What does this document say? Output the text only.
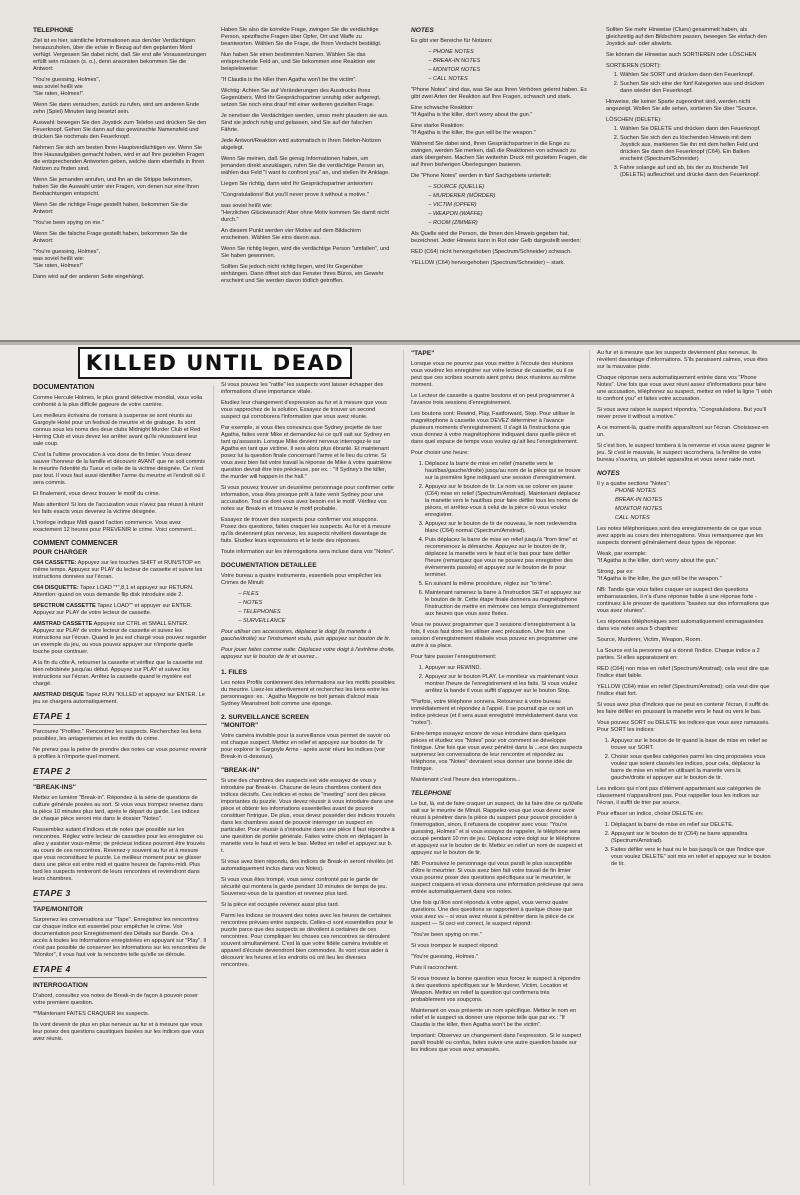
TELEPHONE

Ziel ist es hier, sämtliche Informationen aus den/der Verdächtigen herauszuholen, über die er/sie in Bezug auf den geplanten Mord verfügt. Vergessen Sie dabei nicht, daß Sie erst alle Voraussetzungen erfüllt sein müssen (s. o.), denn ansonsten bekommen Sie die Antwort:

"You're guessing, Holmes",

was soviel heißt wie

"Sie raten, Holmes!".

Wenn Sie dann versuchen, zurück zu rufen, wird am anderen Ende zehn (Spiel) Minuten lang besetzt sein.

Auswahl: bewegen Sie den Joystick zum Telefon und drücken Sie den Feuerknopf. Gehen Sie dann auf das gewünschte Namensfeld und drücken Sie nochmals den Feuerknopf.

Nehmen Sie sich am besten Ihren Hauptverdächtigen vor. Wenn Sie Ihre Hausaufgaben gemacht haben, wird er auf Ihre gezielten Fragen die entsprechenden Antworten geben, welche dann ebenfalls in Ihren Notizen zu finden sind.

Wenn Sie jemanden anrufen, und ihn an die Strippe bekommen, haben Sie die Auswahl unter vier Fragen, von denen nur eine Ihren Beobachtungen entspricht.

Wenn Sie die richtige Frage gestellt haben, bekommen Sie die Antwort:

"You've been spying on me."

Wenn Sie die falsche Frage gestellt haben, bekommen Sie die Antwort:

"You're guessing, Holmes",

was soviel heißt wie:

"Sie raten, Holmes!"

Dann wird auf der anderen Seite eingehängt.

Haben Sie also die korrekte Frage, zwingen Sie die verdächtige Person, spezifische Fragen über Opfer, Ort und Waffe zu beantworten. Wählen Sie die Frage, die Ihren Verdacht bestätigt.

Nun haben Sie einen bestimmten Namen. Wählen Sie das entsprechende Feld an, und Sie bekommen eine Reaktion wie beispielsweise:

"If Claudia is the killer then Agatha won't be the victim".

Wichtig: Achten Sie auf Veränderungen des Ausdrucks Ihres Gegenübers. Wird Ihr Gesprächspartner unruhig oder aufgeregt, setzen Sie noch eins drauf mit einer weiteren gezielten Frage.

Je nervöser die Verdächtigen werden, umso mehr plaudern sie aus. Sind sie jedoch ruhig und gelassen, sind Sie auf der falschen Fährte.

Jede Antwort/Reaktion wird automatisch in Ihren Telefon-Notizen abgelegt.

Wenn Sie meinen, daß Sie genug Informationen haben, um jemanden direkt anzuklagen, rufen Sie die verdächtige Person an, wählen das Feld "I want to confront you" an, und stellen Ihr Anklage.

Liegen Sie richtig, dann wird Ihr Gesprächspartner antworten:

"Congratulations! But you'll never prove it without a motive."

was soviel heißt wie:

"Herzlichen Glückwunsch! Aber ohne Motiv kommen Sie damit nicht durch."

An diesem Punkt werden vier Motive auf dem Bildschirm erscheinen. Wählen Sie eins davon aus.

Wenn Sie richtig liegen, wird die verdächtige Person "umfallen", und Sie haben gewonnen.

Sollten Sie jedoch nicht richtig liegen, wird Ihr Gegenüber einhängen. Dann öffnet sich das Fenster Ihres Büros, ein Gewehr erscheint und Sie werden davon tödlich getroffen.

NOTES

Es gibt vier Bereiche für Notizen:

– PHONE NOTES
– BREAK-IN NOTES
– MONITOR NOTES
– CALL NOTES

"Phone Notes" sind das, was Sie aus Ihren Verhören gelernt haben. Es gibt zwei Arten der Reaktion auf Ihre Fragen, schwach und stark.

Eine schwache Reaktion:

"If Agatha is the killer, don't worry about the gun."

Eine starke Reaktion:

"If Agatha is the killer, the gun will be the weapon."

Während Sie dabei sind, Ihren Gesprächspartner in die Enge zu zwingen, werden Sie merken, daß die Reaktionen von schwach zu stark übergehen. Machen Sie weiterhin Druck mit gezielten Fragen, die auf Ihren bisherigen Überlegungen basieren.

Die "Phone Notes" werden in fünf Sachgebiete unterteilt:

– SOURCE (QUELLE)
– MURDERER (MÖRDER)
– VICTIM (OPFER)
– WEAPON (WAFFE)
– ROOM (ZIMMER)

Als Quelle wird die Person, die Ihnen den Hinweis gegeben hat, bezeichnet. Jeder Hinweis kann in Rot oder Gelb dargestellt werden:

RED (C64) nicht hervorgehoben (Spectrum/Schneider) schwach.

YELLOW (C64) hervorgehoben (Spectrum/Schneider) – stark.

Sollten Sie mehr Hinweise (Clues) gesammelt haben, als gleichzeitig auf den Bildschirm passen, bewegen Sie einfach den Joystick auf- oder abwärts.

Sie können die Hinweise auch SORTIEREN oder LÖSCHEN

SORTIEREN (SORT):

1. Wählen Sie SORT und drücken dann den Feuerknopf.
2. Suchen Sie sich eine der fünf Kategorien aus und drücken dann wieder den Feuerknopf.

Hinweise, die keiner Sparte zugeordnet sind, werden nicht angezeigt. Wollen Sie alle sehen, sortieren Sie über "Source.

LÖSCHEN (DELETE):

1. Wählen Sie DELETE und drücken dann den Feuerknopf.
2. Suchen Sie sich den zu löschenden Hinweis mit dem Joystick aus, markieren Sie ihn mit dem hellen Feld und drücken Sie dann den Feuerknopf (C64). Ein Balken erscheint (Spectrum/Schneider)
3. Fahre solange auf und ab, bis der zu löschende Teil (DELETE) aufleuchtet und drücke dann den Feuerknopf.
KILLED UNTIL DEAD
DOCUMENTATION

Comme Hercule Holmes, le plus grand détective mondial, vous voila confronté à la plus difficile gageure de votre carrière.

Les meilleurs écrivains de romans à suspense se sont réunis au Gargoyle Hotel pour un festival de meurtre et de grabuge. Ils sont connus sous les noms des deux clubs Midnight Murder Club et Red Herring Club et vous devez les arrêter avant qu'ils réussissent leur sale coup.

C'est la l'ultime provocation à vos dons de fin limier. Vous devez sauver l'honneur de la famille et découvrir AVANT que ne soit commis le meurtre l'identité du Tueur et celle de la victime désignée. Ce n'est pas tout. Il vous faut aussi identifier l'arme du meurtre et l'endroit où il sera commis.

Et finalement, vous devez trouver le motif du crime.

Mais attention! Si lors de l'accusation vous n'avez pas réussi à réunir les faits exacts vous devenez la victime désignée.

L'horloge indique Midi quand l'action commence. Vous avez exactement 12 heures pour PREVENIR le crime. Voici comment...

COMMENT COMMENCER
POUR CHARGER

C64 CASSETTE: Appuyez sur les touches SHIFT et RUN/STOP en même temps. Appuyez sur PLAY du lecteur de cassette et suivre les instructions données sur l'écran.

C64 DISQUETTE: Tapez LOAD "*",8,1 et appuyez sur RETURN. Attention: quand on vous demande flip disk introduire side 2.

SPECTRUM CASSETTE Tapez LOAD"" et appuyer sur ENTER. Appuyez sur PLAY de votre lecteur de cassette.

AMSTRAD CASSETTE Appuyez sur CTRL et SMALL ENTER. Appuyez sur PLAY de votre lecteur de cassette et suivez les instructions sur l'écran. Quand le jeu est chargé vous pouvez regarder un exemple du jeu, ou vous pouvez appuyer sur n'importe quelle touche pour continuer.

A la fin du côte A, retourner la cassette et vérifiez que la cassette est bien rebobinée jusqu'au début. Appuyez sur PLAY et suivez les instructions sur l'écran. Arrêtez la cassette quand le mystère est chargé.

AMSTRAD DISQUE Tapez RUN "KILLED et appuyez sur ENTER. Le jeu se chargera automatiquement.

ETAPE 1

Parcourez "Profiles." Rencontrez les suspects. Recherchez les liens possibles, les antagonismes et les motifs du crime.

Ne prenez pas la peine de prendre des notes car vous pourrez revenir à profiles à n'importe quel moment.

ETAPE 2
"BREAK-INS"

Mettez en lumière "Break-in". Répondez à la série de questions de culture générale posées au sort. Si vous vous trompez revenez dans la pièce 10 minutes plus tard, après le départ du garde. Les indices de chaque pièce seront mis dans le dossier "Notes".

Rassemblez autant d'indices et de notes que possible sur les rencontres. Réglez votre lecteur de cassettes pour les enregistrer ou allez y assister vous-même; de précieux indices pourront être trouvés au cours de ces rencontres. Revenez-y souvent au fur et à mesure que vous reconstituez le puzzle. Le meilleur moment pour se glisser dans une pièce est entre midi et quatre heures de l'après-midi. Plus tard les suspects rentreront de leurs rencontres et reviendront dans leurs chambres.

ETAPE 3
TAPE/MONITOR

Surprenez les conversations sur "Tape". Enregistrez les rencontres car chaque indice est essentiel pour empêcher le crime. Voir documentation pour Enregistrement des Détails sur Bande. On a accès à toutes les informations enregistrées en appuyant sur "Play". Il n'est pas possible de conserver les informations sur les rencontres de "Monitor", il vous faut voir la rencontre telle qu'elle se déroule.

ETAPE 4
INTERROGATION

D'abord, consultez vos notes de Break-in de façon à pouvoir poser votre premiere question.

**Maintenant FAITES CRAQUER les suspects.

Ils vont devenir de plus en plus nerveux au fur et à mesure que vous leur posez des questions caustiques basées sur les indices que vous avez réunis.

Si vous pouvez les "rattle" les suspects vont laisser échapper des informations d'une importance vitale.

Etudiez leur changement d'expression au fur et à mesure que vous vous rapprochez de la solution. Essayez de trouver un second suspect qui corroborera l'information que vous avez réunie.

Par exemple, si vous êtes convaincu que Sydney projette de tuer Agatha, faites venir Mike et demandez-lui ce qu'il sait sur Sydney en tant qu'assassin. Lorsque Mike devient nerveux interrogez-le sur Agatha en tant que victime. Il sera alors plus ébranlé. Et maintenant posez lui la question finale concernant l'arme et le lieu du crime. Si vous avez bien fait votre travail la réponse de Mike à votre quatrième question devrait être très précieuse, par ex. : "If Sydney's the killer, the murder will happen in the hall."

Si vous pouvez trouver un deuxième personnage pour confirmer cette information, vous êtes presque prêt à faire venir Sydney pour une accusation. Tout ce dont vous avez besoin est le motif. Vérifiez vos notes sur Break-in et trouvez le motif probable.

Essayez de trouver des suspects pour confirmer vos soupçons. Posez des questions, faites craquer les suspects. Au fur et à mesure qu'ils deviennent plus nerveux, les suspects révèlent davantage de faits. Etudiez leurs expressions et le texte des réponses.

Toute information sur les interrogations sera incluse dans vos "Notes".

DOCUMENTATION DETAILLEE

Votre bureau a quatre instruments, essentiels pour empêcher les Crimes de Minuit:

– FILES
– NOTES
– TELEPHONES
– SURVEILLANCE

Pour utiliser ces accessoires, déplacez le doigt (la manette à gauche/droite) sur l'instrument voulu, puis appuyez sur bouton de tir.

Pour jouer faites comme suite: Déplacez votre doigt à l'extrême droite, appuyez sur le bouton de tir et ouvrez...

1. FILES

Les notes Profils contiennent des informations sur les motifs possibles du meurtre. Lisez-les attentivement et recherchez les liens entre les personnages: ex. : Agatha Maypole ne boit jamais d'alcool mais Sydney Meanstreet boit comme une éponge.

2. SURVEILLANCE SCREEN
"MONITOR"

Votre caméra invisible pour la surveillance vous permet de savoir où est chaque suspect. Mettez en relief et appuyez sur bouton de Tir pour explorer le Gargoyle Arms - après avoir réuni les indices (voir Break-in ci-dessous).

"BREAK-IN"

Si une des chambres des suspects est vide essayez de vous y introduire par Break-in. Chacune de leurs chambres contient des indices décisifs. Ces indices et notes de "meeting" sont des pièces importantes du puzzle. Vous devez réussir à vous introduire dans une pièce et obtenir les informations essentielles avant de pouvoir constituer l'intrigue. De plus, vous devez posséder des indices trouvés dans les chambres avant de pouvoir interroger un suspect en particulier. Pour réussir à s'introduire dans une pièce il faut répondre à une question de portée générale. Faites votre choix en déplaçant la manette vers le haut et vers le bas. Mettez en relief et appuyez sur b. t.

Si vous avez bien répondu, des indices de Break-in seront révélés (et automatiquement inclus dans vos Notes).

Si vous vous êtes trompé, vous serez confronté par le garde de sécurité qui montera la garde pendant 10 minutes de temps de jeu. Souvenez-vous de la question et revenez plus tard.

Si la pièce est occupée revenez aussi plus tard.

Parmi les indices se trouvent des notes avec les heures de certaines rencontres prévues entre suspects. Celles-ci sont essentielles pour le puzzle parce que des suspects se dévoilent à certaines de ces rencontres. Pour compliquer les choses ces rencontres se déroulent souvent simultanément. C'est là que votre fidèle caméra invisible et appareil d'écoute deviendront bien commodes. Ils vont vous aider à découvrir les heures et les endroits où ont lieu les diverses rencontres.

"TAPE"

Lorsque vous ne pourrez pas vous mettre à l'écoute des réunions vous voudrez les enregistrer sur votre lecteur de cassette, ou il se peut que ces scribes sournois aient prévu deux réunions au même moment.

Le Lecteur de cassette a quatre boutons et on peut programmer à l'avance trois sessions d'enregistrement.

Les boutons sont: Rewind, Play, Fastforward, Stop. Pour utiliser le magnétophone à cassette vous DEVEZ déterminer à l'avance plusieurs moments d'enregistrement. Il s'agit là l'instructions que vous donnez à votre magnétophone indiquant dans quelle pièce et dans quel espace de temps vous voulez qu'ait lieu l'enregistrement.

Pour choisir une heure:

1. Déplacez la barre de mise en relief (manette vers le haut/bas/gauche/droite) jusqu'au nom de la pièce qui se trouve sur la première ligne indiquant une session d'enregistrement.
2. Appuyez sur le bouton de tir. Le nom va se colorer en jaune (C64) mise en relief (Spectrum/Amstrad). Maintenant déplacez la manette vers le haut/bas pour faire défiler tous les noms de pièces, et arrêtez-vous à celui de la pièce où vous voulez enregistrer.
3. Appuyez sur le bouton de tir de nouveau, le nom redeviendra blanc (C64) normal (Spectrum/Amstrad).
4. Puis déplacez la barre de mise en relief jusqu'à "from time" et recommencez la démarche. Appuyez sur le bouton de tir, déplacez la manette vers le haut et le bas pour faire défiler l'heure (remarquez que vous ne pouvez pas enregistrer des événements passés) et appuyez sur le bouton de tir pour terminer.
5. En suivant la même procédure, réglez sur "to time".
6. Maintenant ramenez la barre à l'instruction SET et appuyez sur le bouton de tir. Cette étape finale donnera au magnétophone l'instruction de mettre en mémoire ces temps d'enregistrement aux heures que vous avez fixées.

Vous ne pouvez programmer que 3 sessions d'enregistrement à la fois, il vous faut donc les utiliser avec précaution. Une fois une session d'enregistrement réalisée vous pouvez en programmer une autre à sa place.

Pour faire passer l'enregistrement:

1. Appuyer sur REWIND.
2. Appuyez sur le bouton PLAY. Le moniteur va maintenant vous montrer l'heure de l'enregistrement et les faits. Si vous voulez arrêtez la bande il vous suffit d'appuyer sur le bouton Stop.

*Parfois, votre téléphone sonnera. Retournez à votre bureau immédiatement et répondez à l'appel. Il se pourrait que ce soit un indice précieux (et il sera aussi enregistré immédiatement dans vos "notes").

Entre-temps essayez encore de vous introduire dans quelques pièces et étudiez vos "Notes" pour voir comment se développe l'intrigue. Une fois que vous avez pénétré dans la ...ece des suspects surprenez les conversations de leur rencontre et répondez au téléphone, vos "Notes" devraient vous donner une bonne idée de l'intrigue.

Maintenant c'est l'heure des interrogations...

TELEPHONE

Le but, là, est de faire craquer un suspect, de lui faire dire ce qu'il/elle sait sur le meurtre de Minuit. Rappelez-vous que vous devez avoir réussi à pénétrer dans la pièce du suspect pour pouvoir procéder à l'interrogation, sinon, il refusera de coopérer avec vous: "You're guessing, Holmes" et si vous essayez de rappeler, le téléphone sera occupé pendant 10 mn de jeu. Déplacez votre doigt sur le téléphone et appuyez sur le bouton de tir. Mettez en relief un nom de suspect et appuyez sur le bouton de tir.

NB: Poursuivez le personnage qui vous paraît le plus susceptible d'être le meurtrier. Si vous avez bien fait votre travail de fin limier vous pourrez poser des questions spécifiques sur le meurtrier, le suspect craquera et vous donnera une information précieuse qui sera entrée automatiquement dans vos notes.

Une fois qu'il/on sont répondu à votre appel, vous verrez quatre questions. Une des questions se rapportent à quelque chose que vous avez vu – si vous avez réussi à pénétrer dans la pièce de ce suspect — Si ceci est correct, le suspect répond:

"You've been spying on me."

Si vous trompez le suspect répond:

"You're guessing, Holmes."

Puis il raccrochent.

Si vous trouvez la bonne question vous forcez le suspect à répondre à des questions spécifiques sur le Murderer, Victim, Location et Weapon. Mettez en relief la question qui confirmera très probablement vos soupçons.

Maintenant on vous présente un nom spécifique. Mettez le nom en relief et le suspect va donner une réponse telle que par ex.: "If Claudia is the killer, then Agatha won't be the victim".

Important: Observez un changement dans l'expression. Si le suspect paraît troublé ou confus, faites suivre une autre question basée sur les indices que vous avez amassés.

Au fur et à mesure que les suspects deviennent plus nerveux, ils révèlent davantage d'informations. S'ils paraissent calmes, vous êtes sur la mauvaise piste.

Chaque réponse sera automatiquement entrée dans vos "Phone Notes". Une fois que vous avez réuni assez d'informations pour faire une accusation, téléphonez au suspect, mettez en relief la ligne "I wish to confront you" et faites votre accusation.

Si vous avez raison le suspect répondra, "Congratulations. But you'll never prove it without a motive."

A ce moment-là, quatre motifs apparaîtront sur l'écran. Choisissez-en un.

Si c'est bon, le suspect tombera à la renverse et vous aurez gagner le jeu. Si c'est le mauvais, le suspect raccrochera, la fenêtre de votre bureau s'ouvrira, un pistolet apparaîtra et vous serez raide mort.

NOTES

Il y a quatre sections "Notes":

PHONE NOTES
BREAK-IN NOTES
MONITOR NOTES
CALL NOTES

Les notes téléphoniques sont des enregistrements de ce que vous avez appris au cours des interrogations. Vous remarquerez que les suspects donnent généralement deux types de réponse:

Weak, par exemple:

"If Agatha is the killer, don't worry about the gun."

Strong, par ex:

"If Agatha is the killer, the gun will be the weapon."

NB: Tandis que vous faites craquer un suspect des questions embarrassantes, il n'a d'une réponse faible à une réponse forte - continuez à le presser de questions "basées sur des informations que vous avez réunies".

Les réponses téléphoniques sont automatiquement emmagasinées dans vos notes sous 5 chapitres:

Source, Murderer, Victim, Weapon, Room.

La Source est la personne qui a donné l'indice. Chaque indice a 2 parties. Si elles apparaissent en:

RED (C64) non mise en relief (Spectrum/Amstrad); cela veut dire que l'indice était faible.

YELLOW (C64) mise en relief (Spectrum/Amstrad); cela veut dire que l'indice était fort.

Si vous avez plus d'indices que ne peut en contenir l'écran, il suffit de les faire défiler en poussant la manette vers le haut ou vers le bas.

Vous pouvez SORT ou DELETE les indices que vous avez ramassés. Pour SORT les indices:

1. Appuyez sur le bouton de tir quand la base de mise en relief se trouve sur SORT.
2. Choisir sous quelles catégories parmi les cinq proposées vous voulez que soient classés les indices, pour cela, déplacez la barre de mise en relief en utilisant la manette vers la gauche/droite et appuyer sur le bouton de tir.

Les indices qui n'ont pas d'élément appartenant aux catégories de classement n'apparaîtront pas. Pour rappeller tous les indices sur l'écran, il suffit de trier par source.

Pour effacer un indice, choisir DELETE en:

1. Déplaçant la barre de mise en relief sur DELETE.
2. Appuyant sur le bouton de tir (C64) ne barre apparaîtra (Spectrum/Amstrad).
3. Faites défiler vers le haut ou le bas jusqu'à ce que l'indice que vous voulez DELETE" soit mis en relief et appuyez sur le bouton de tir.
